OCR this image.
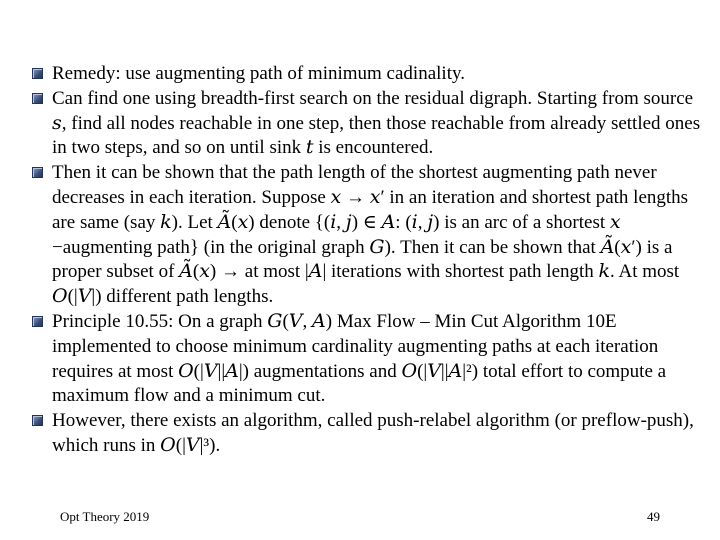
Remedy: use augmenting path of minimum cadinality.

Can find one using breadth-first search on the residual digraph. Starting from source 𝑠, find all nodes reachable in one step, then those reachable from already settled ones in two steps, and so on until sink 𝑡 is encountered.

Then it can be shown that the path length of the shortest augmenting path never decreases in each iteration. Suppose 𝑥 → 𝑥′ in an iteration and shortest path lengths are same (say 𝑘). Let 𝐴̃(𝑥) denote {(𝑖, 𝑗) ∈ 𝐴: (𝑖, 𝑗) is an arc of a shortest 𝑥 −augmenting path} (in the original graph 𝐺). Then it can be shown that 𝐴̃(𝑥′) is a proper subset of 𝐴̃(𝑥) → at most |𝐴| iterations with shortest path length 𝑘. At most 𝑂(|𝑉|) different path lengths.

Principle 10.55: On a graph 𝐺(𝑉, 𝐴) Max Flow – Min Cut Algorithm 10E implemented to choose minimum cardinality augmenting paths at each iteration requires at most 𝑂(|𝑉||𝐴|) augmentations and 𝑂(|𝑉||𝐴|²) total effort to compute a maximum flow and a minimum cut.

However, there exists an algorithm, called push-relabel algorithm (or preflow-push), which runs in 𝑂(|𝑉|³).

Opt Theory 2019	49
